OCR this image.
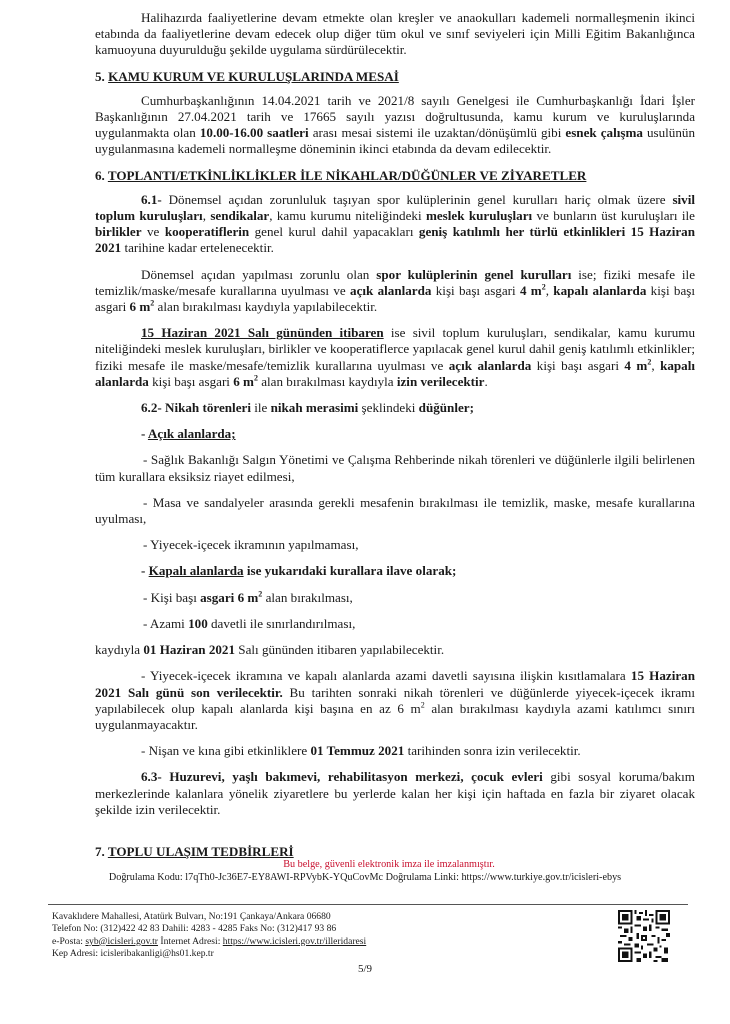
Halihazırda faaliyetlerine devam etmekte olan kreşler ve anaokulları kademeli normalleşmenin ikinci etabında da faaliyetlerine devam edecek olup diğer tüm okul ve sınıf seviyeleri için Milli Eğitim Bakanlığınca kamuoyuna duyurulduğu şekilde uygulama sürdürülecektir.

5. KAMU KURUM VE KURULUŞLARINDA MESAİ

Cumhurbaşkanlığının 14.04.2021 tarih ve 2021/8 sayılı Genelgesi ile Cumhurbaşkanlığı İdari İşler Başkanlığının 27.04.2021 tarih ve 17665 sayılı yazısı doğrultusunda, kamu kurum ve kuruluşlarında uygulanmakta olan 10.00-16.00 saatleri arası mesai sistemi ile uzaktan/dönüşümlü gibi esnek çalışma usulünün uygulanmasına kademeli normalleşme döneminin ikinci etabında da devam edilecektir.

6. TOPLANTI/ETKİNLİKLİKLER İLE NİKAHLAR/DÜĞÜNLER VE ZİYARETLER

6.1- Dönemsel açıdan zorunluluk taşıyan spor kulüplerinin genel kurulları hariç olmak üzere sivil toplum kuruluşları, sendikalar, kamu kurumu niteliğindeki meslek kuruluşları ve bunların üst kuruluşları ile birlikler ve kooperatiflerin genel kurul dahil yapacakları geniş katılımlı her türlü etkinlikleri 15 Haziran 2021 tarihine kadar ertelenecektir.

Dönemsel açıdan yapılması zorunlu olan spor kulüplerinin genel kurulları ise; fiziki mesafe ile temizlik/maske/mesafe kurallarına uyulması ve açık alanlarda kişi başı asgari 4 $m^2$, kapalı alanlarda kişi başı asgari 6 $m^2$ alan bırakılması kaydıyla yapılabilecektir.

15 Haziran 2021 Salı gününden itibaren ise sivil toplum kuruluşları, sendikalar, kamu kurumu niteliğindeki meslek kuruluşları, birlikler ve kooperatiflerce yapılacak genel kurul dahil geniş katılımlı etkinlikler; fiziki mesafe ile maske/mesafe/temizlik kurallarına uyulması ve açık alanlarda kişi başı asgari 4 $m^2$, kapalı alanlarda kişi başı asgari 6 $m^2$ alan bırakılması kaydıyla izin verilecektir.

6.2- Nikah törenleri ile nikah merasimi şeklindeki düğünler;

- Açık alanlarda;

- Sağlık Bakanlığı Salgın Yönetimi ve Çalışma Rehberinde nikah törenleri ve düğünlerle ilgili belirlenen tüm kurallara eksiksiz riayet edilmesi,

- Masa ve sandalyeler arasında gerekli mesafenin bırakılması ile temizlik, maske, mesafe kurallarına uyulması,

- Yiyecek-içecek ikramının yapılmaması,

- Kapalı alanlarda ise yukarıdaki kurallara ilave olarak;

- Kişi başı asgari 6 $m^2$ alan bırakılması,

- Azami 100 davetli ile sınırlandırılması,

kaydıyla 01 Haziran 2021 Salı gününden itibaren yapılabilecektir.

- Yiyecek-içecek ikramına ve kapalı alanlarda azami davetli sayısına ilişkin kısıtlamalara 15 Haziran 2021 Salı günü son verilecektir. Bu tarihten sonraki nikah törenleri ve düğünlerde yiyecek-içecek ikramı yapılabilecek olup kapalı alanlarda kişi başına en az 6 $m^2$ alan bırakılması kaydıyla azami katılımcı sınırı uygulanmayacaktır.

- Nişan ve kına gibi etkinliklere 01 Temmuz 2021 tarihinden sonra izin verilecektir.

6.3- Huzurevi, yaşlı bakımevi, rehabilitasyon merkezi, çocuk evleri gibi sosyal koruma/bakım merkezlerinde kalanlara yönelik ziyaretlere bu yerlerde kalan her kişi için haftada en fazla bir ziyaret olacak şekilde izin verilecektir.

7. TOPLU ULAŞIM TEDBİRLERİ

Bu belge, güvenli elektronik imza ile imzalanmıştır.
Doğrulama Kodu: l7qTh0-Jc36E7-EY8AWI-RPVybK-YQuCovMc Doğrulama Linki: https://www.turkiye.gov.tr/icisleri-ebys
Kavaklıdere Mahallesi, Atatürk Bulvarı, No:191 Çankaya/Ankara 06680
Telefon No: (312)422 42 83 Dahili: 4283 - 4285 Faks No: (312)417 93 86
e-Posta: syb@icisleri.gov.tr İnternet Adresi: https://www.icisleri.gov.tr/illeridaresi
Kep Adresi: icisleribakanligi@hs01.kep.tr
5/9
